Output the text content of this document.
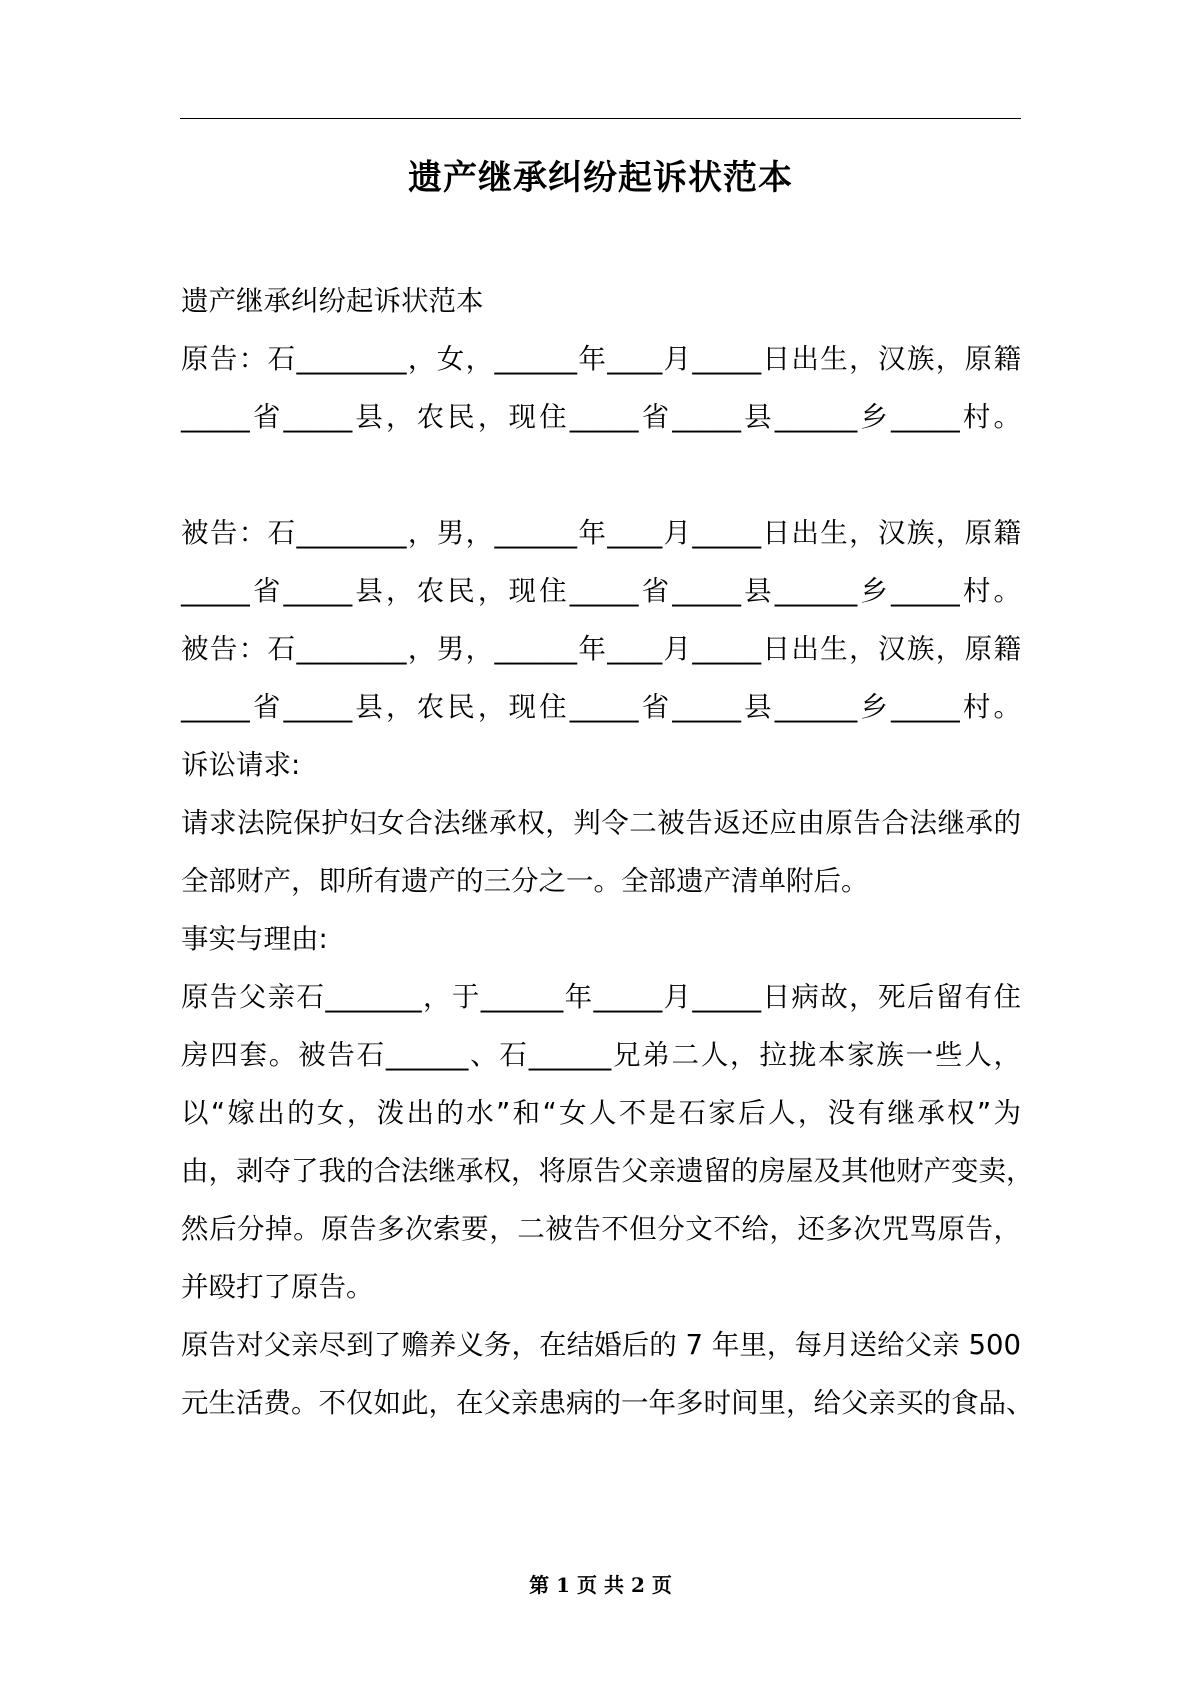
遗产继承纠纷起诉状范本
遗产继承纠纷起诉状范本
原告：石________，女，______年____月_____日出生，汉族，原籍
_____省_____县，农民，现住_____省_____县______乡_____村。
被告：石________，男，______年____月_____日出生，汉族，原籍
_____省_____县，农民，现住_____省_____县______乡_____村。
被告：石________，男，______年____月_____日出生，汉族，原籍
_____省_____县，农民，现住_____省_____县______乡_____村。
诉讼请求:
请求法院保护妇女合法继承权，判令二被告返还应由原告合法继承的
全部财产，即所有遗产的三分之一。全部遗产清单附后。
事实与理由:
原告父亲石_______，于______年_____月_____日病故，死后留有住
房四套。被告石______、石______兄弟二人，拉拢本家族一些人，
以“嫁出的女，泼出的水”和“女人不是石家后人，没有继承权”为
由，剥夺了我的合法继承权，将原告父亲遗留的房屋及其他财产变卖，
然后分掉。原告多次索要，二被告不但分文不给，还多次咒骂原告，
并殴打了原告。
原告对父亲尽到了赡养义务，在结婚后的 7 年里，每月送给父亲 500
元生活费。不仅如此，在父亲患病的一年多时间里，给父亲买的食品、
第 1 页 共 2 页
